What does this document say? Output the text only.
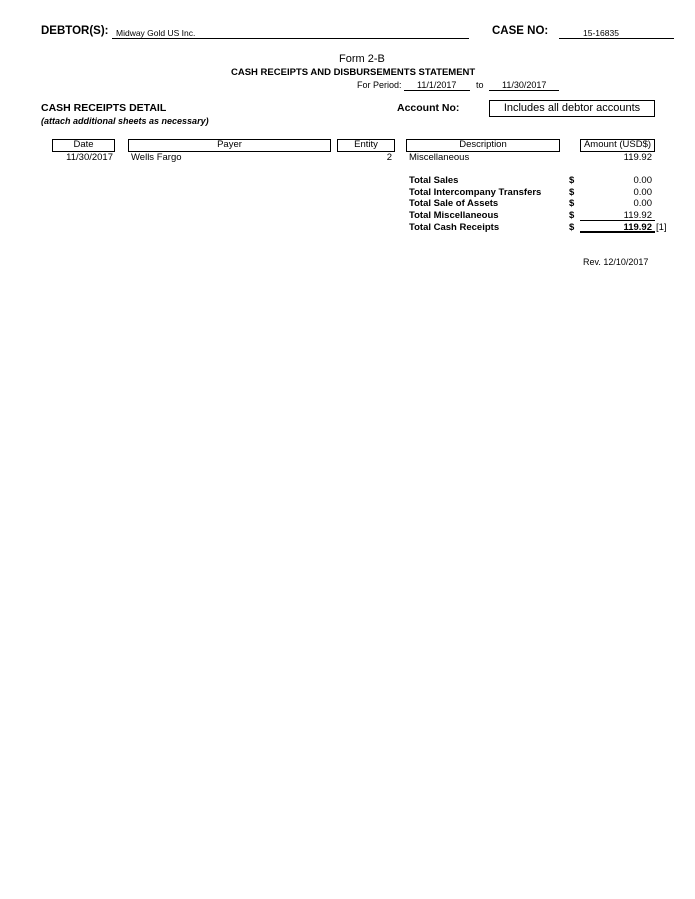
DEBTOR(S): Midway Gold US Inc.	CASE NO:	15-16835
Form 2-B
CASH RECEIPTS AND DISBURSEMENTS STATEMENT
For Period: 11/1/2017 to 11/30/2017
CASH RECEIPTS DETAIL
(attach additional sheets as necessary)
Account No:	Includes all debtor accounts
Date	Payer	Entity	Description	Amount (USD$)
11/30/2017 Wells Fargo	2 Miscellaneous	119.92
Total Sales	$	0.00
Total Intercompany Transfers	$	0.00
Total Sale of Assets	$	0.00
Total Miscellaneous	$	119.92
Total Cash Receipts	$	119.92 [1]
Rev. 12/10/2017
